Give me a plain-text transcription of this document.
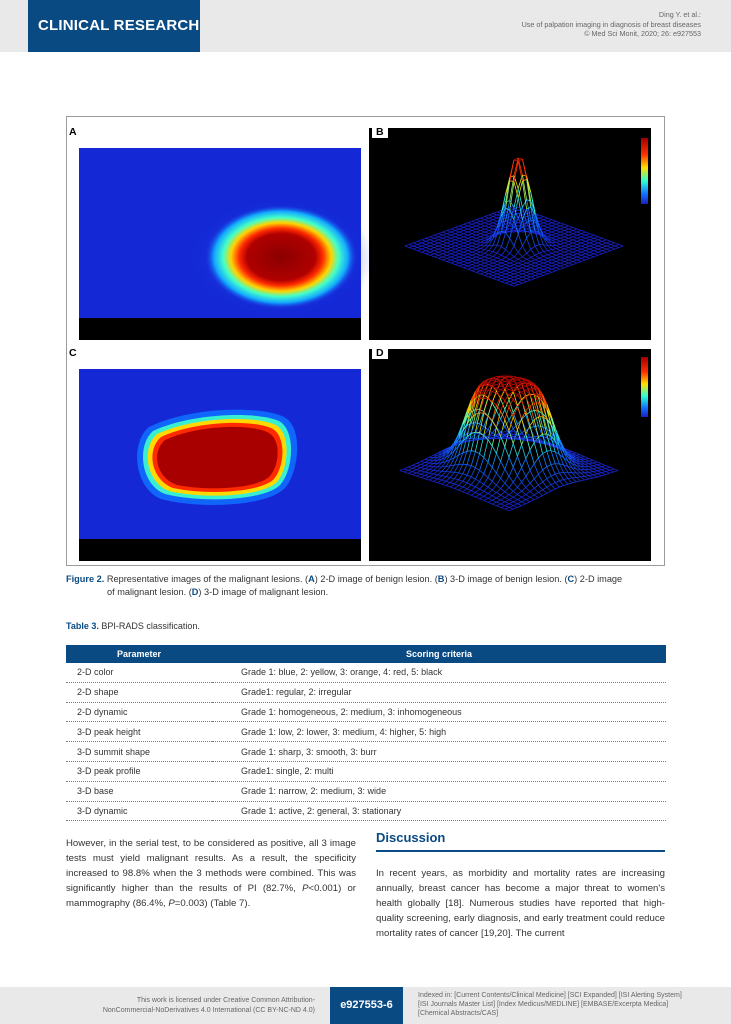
CLINICAL RESEARCH
Ding Y. et al.:
Use of palpation imaging in diagnosis of breast diseases
© Med Sci Monit, 2020; 26: e927553
A	B
C	D
Figure 2. Representative images of the malignant lesions. (A) 2-D image of benign lesion. (B) 3-D image of benign lesion. (C) 2-D image
of malignant lesion. (D) 3-D image of malignant lesion.
Table 3. BPI-RADS classification.
Parameter	Scoring criteria
2-D color	Grade 1: blue, 2: yellow, 3: orange, 4: red, 5: black
2-D shape	Grade1: regular, 2: irregular
2-D dynamic	Grade 1: homogeneous, 2: medium, 3: inhomogeneous
3-D peak height	Grade 1: low, 2: lower, 3: medium, 4: higher, 5: high
3-D summit shape	Grade 1: sharp, 3: smooth, 3: burr
3-D peak profile	Grade1: single, 2: multi
3-D base	Grade 1: narrow, 2: medium, 3: wide
3-D dynamic	Grade 1: active, 2: general, 3: stationary
However, in the serial test, to be considered as positive, all 3 image tests must yield malignant results. As a result, the specificity increased to 98.8% when the 3 methods were combined. This was significantly higher than the results of PI (82.7%, P<0.001) or mammography (86.4%, P=0.003) (Table 7).
Discussion
In recent years, as morbidity and mortality rates are increasing annually, breast cancer has become a major threat to women's health globally [18]. Numerous studies have reported that high-quality screening, early diagnosis, and early treatment could reduce mortality rates of cancer [19,20]. The current
This work is licensed under Creative Common Attribution-
NonCommercial-NoDerivatives 4.0 International (CC BY-NC-ND 4.0)
Indexed in: [Current Contents/Clinical Medicine] [SCI Expanded] [ISI Alerting System]
[ISI Journals Master List] [Index Medicus/MEDLINE] [EMBASE/Excerpta Medica]
[Chemical Abstracts/CAS]
e927553-6
